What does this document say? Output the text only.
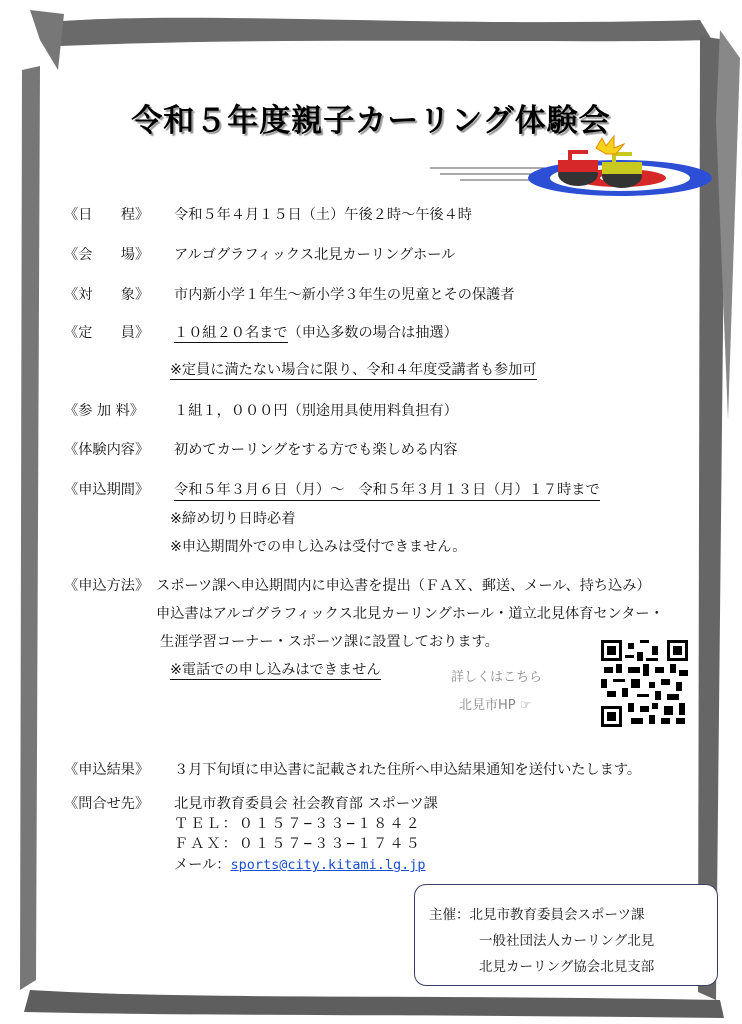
令和５年度親子カーリング体験会
《日　　程》	令和５年４月１５日（土）午後２時〜午後４時
《会　　場》	アルゴグラフィックス北見カーリングホール
《対　　象》	市内新小学１年生〜新小学３年生の児童とその保護者
《定　　員》	１０組２０名まで（申込多数の場合は抽選）
※定員に満たない場合に限り、令和４年度受講者も参加可
《参 加 料》	１組１，０００円（別途用具使用料負担有）
《体験内容》	初めてカーリングをする方でも楽しめる内容
《申込期間》	令和５年３月６日（月）〜　令和５年３月１３日（月）１７時まで
※締め切り日時必着
※申込期間外での申し込みは受付できません。
《申込方法》 スポーツ課へ申込期間内に申込書を提出（ＦＡＸ、郵送、メール、持ち込み）
申込書はアルゴグラフィックス北見カーリングホール・道立北見体育センター・
生涯学習コーナー・スポーツ課に設置しております。
※電話での申し込みはできません	詳しくはこちら
北見市HP ☞
《申込結果》	３月下旬頃に申込書に記載された住所へ申込結果通知を送付いたします。
《問合せ先》	北見市教育委員会 社会教育部 スポーツ課
ＴＥＬ：０１５７−３３−１８４２
ＦＡＸ：０１５７−３３−１７４５
メール：sports@city.kitami.lg.jp
主催：北見市教育委員会スポーツ課
一般社団法人カーリング北見
北見カーリング協会北見支部
